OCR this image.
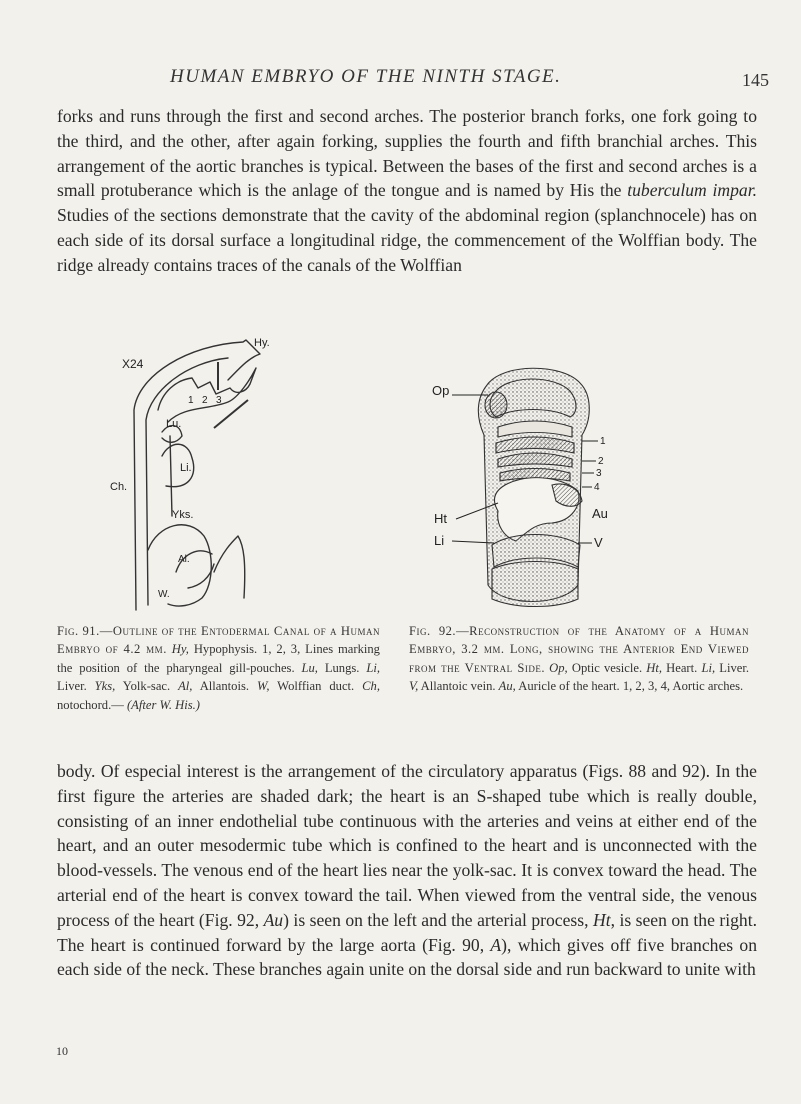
HUMAN EMBRYO OF THE NINTH STAGE.	145

forks and runs through the first and second arches. The posterior branch forks, one fork going to the third, and the other, after again forking, supplies the fourth and fifth branchial arches. This arrangement of the aortic branches is typical. Between the bases of the first and second arches is a small protuberance which is the anlage of the tongue and is named by His the tuberculum impar. Studies of the sections demonstrate that the cavity of the abdominal region (splanchnocele) has on each side of its dorsal surface a longitudinal ridge, the commencement of the Wolffian body. The ridge already contains traces of the canals of the Wolffian

X24
Hy.
1 2 3
Lu.
Li.
Ch.
Yks.
Al.
W.
Op
1
2
3
4
Au
Ht
Li	V

Fig. 91.—Outline of the Entodermal Canal of a Human Embryo of 4.2 mm. Hy, Hypophysis. 1, 2, 3, Lines marking the position of the pharyngeal gill-pouches. Lu, Lungs. Li, Liver. Yks, Yolk-sac. Al, Allantois. W, Wolffian duct. Ch, notochord.— (After W. His.)

Fig. 92.—Reconstruction of the Anatomy of a Human Embryo, 3.2 mm. Long, showing the Anterior End Viewed from the Ventral Side. Op, Optic vesicle. Ht, Heart. Li, Liver. V, Allantoic vein. Au, Auricle of the heart. 1, 2, 3, 4, Aortic arches.

body. Of especial interest is the arrangement of the circulatory apparatus (Figs. 88 and 92). In the first figure the arteries are shaded dark; the heart is an S-shaped tube which is really double, consisting of an inner endothelial tube continuous with the arteries and veins at either end of the heart, and an outer mesodermic tube which is confined to the heart and is unconnected with the blood-vessels. The venous end of the heart lies near the yolk-sac. It is convex toward the head. The arterial end of the heart is convex toward the tail. When viewed from the ventral side, the venous process of the heart (Fig. 92, Au) is seen on the left and the arterial process, Ht, is seen on the right. The heart is continued forward by the large aorta (Fig. 90, A), which gives off five branches on each side of the neck. These branches again unite on the dorsal side and run backward to unite with

10
